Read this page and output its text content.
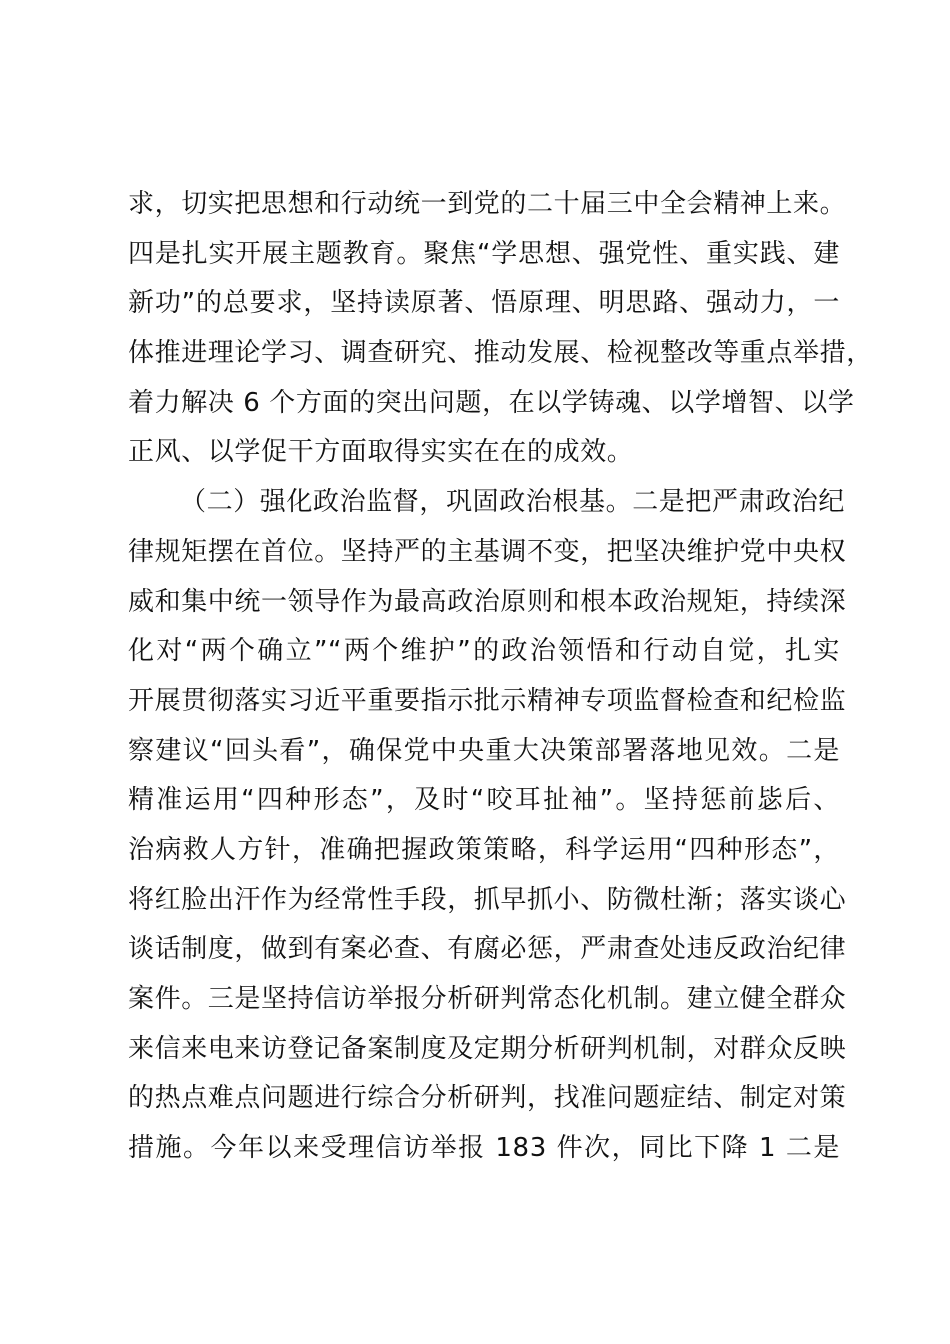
求，切实把思想和行动统一到党的二十届三中全会精神上来。
四是扎实开展主题教育。聚焦“学思想、强党性、重实践、建
新功”的总要求，坚持读原著、悟原理、明思路、强动力，一
体推进理论学习、调查研究、推动发展、检视整改等重点举措，
着力解决 6 个方面的突出问题，在以学铸魂、以学增智、以学
正风、以学促干方面取得实实在在的成效。
（二）强化政治监督，巩固政治根基。二是把严肃政治纪
律规矩摆在首位。坚持严的主基调不变，把坚决维护党中央权
威和集中统一领导作为最高政治原则和根本政治规矩，持续深
化对“两个确立”“两个维护”的政治领悟和行动自觉，扎实
开展贯彻落实习近平重要指示批示精神专项监督检查和纪检监
察建议“回头看”，确保党中央重大决策部署落地见效。二是
精准运用“四种形态”，及时“咬耳扯袖”。坚持惩前毖后、
治病救人方针，准确把握政策策略，科学运用“四种形态”，
将红脸出汗作为经常性手段，抓早抓小、防微杜渐；落实谈心
谈话制度，做到有案必查、有腐必惩，严肃查处违反政治纪律
案件。三是坚持信访举报分析研判常态化机制。建立健全群众
来信来电来访登记备案制度及定期分析研判机制，对群众反映
的热点难点问题进行综合分析研判，找准问题症结、制定对策
措施。今年以来受理信访举报 183 件次，同比下降 1 二是
